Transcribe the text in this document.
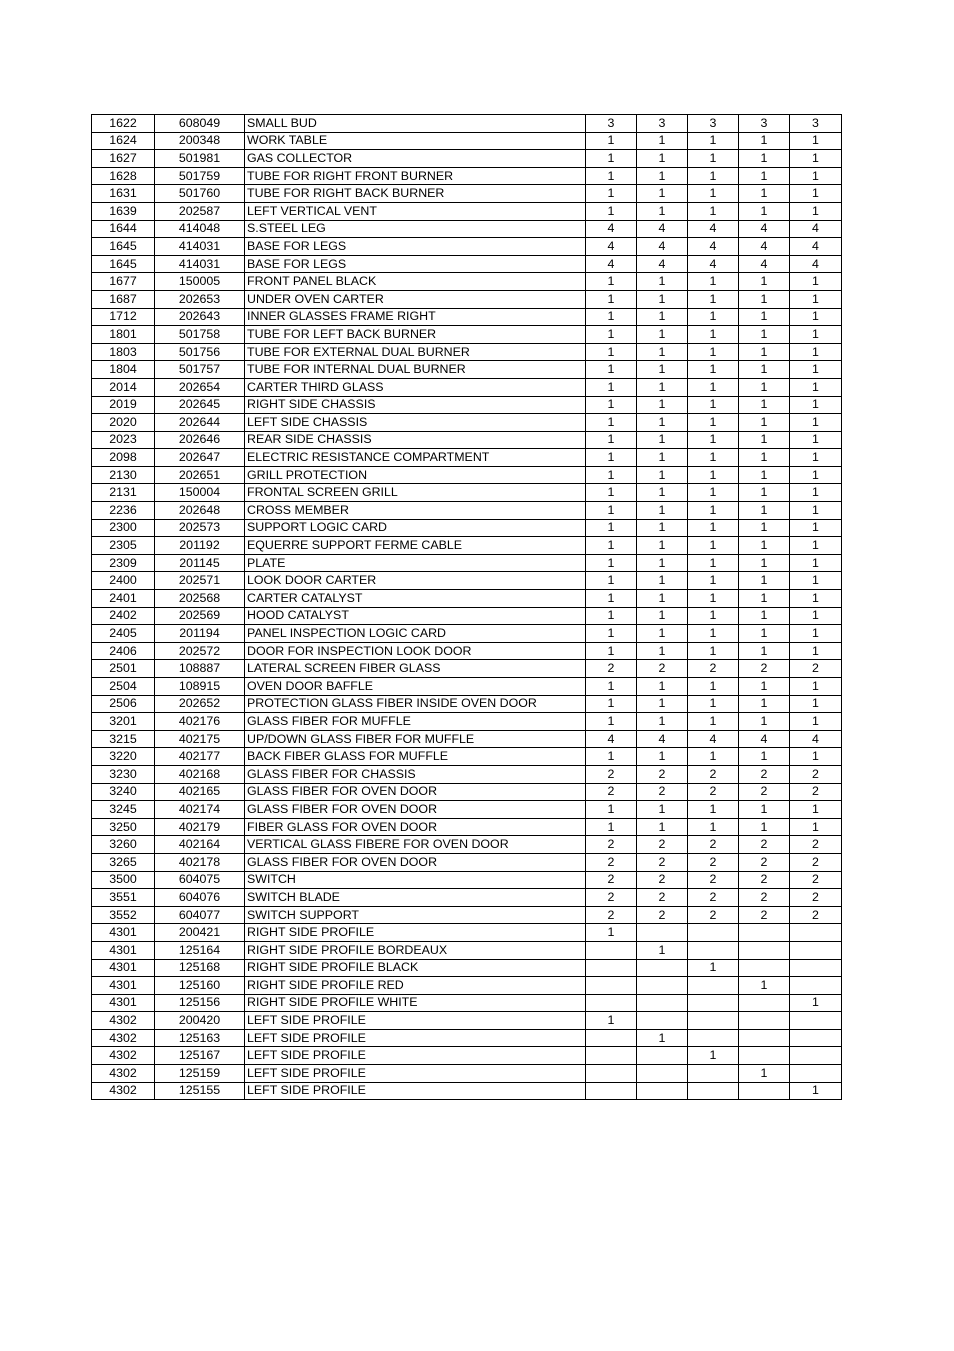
1622	608049	SMALL BUD	3	3	3	3	3
1624	200348	WORK TABLE	1	1	1	1	1
1627	501981	GAS COLLECTOR	1	1	1	1	1
1628	501759	TUBE FOR RIGHT FRONT BURNER	1	1	1	1	1
1631	501760	TUBE FOR RIGHT BACK BURNER	1	1	1	1	1
1639	202587	LEFT VERTICAL VENT	1	1	1	1	1
1644	414048	S.STEEL LEG	4	4	4	4	4
1645	414031	BASE FOR LEGS	4	4	4	4	4
1645	414031	BASE FOR LEGS	4	4	4	4	4
1677	150005	FRONT PANEL BLACK	1	1	1	1	1
1687	202653	UNDER OVEN CARTER	1	1	1	1	1
1712	202643	INNER GLASSES FRAME RIGHT	1	1	1	1	1
1801	501758	TUBE FOR LEFT BACK BURNER	1	1	1	1	1
1803	501756	TUBE FOR EXTERNAL DUAL BURNER	1	1	1	1	1
1804	501757	TUBE FOR INTERNAL DUAL BURNER	1	1	1	1	1
2014	202654	CARTER THIRD GLASS	1	1	1	1	1
2019	202645	RIGHT SIDE CHASSIS	1	1	1	1	1
2020	202644	LEFT SIDE CHASSIS	1	1	1	1	1
2023	202646	REAR SIDE CHASSIS	1	1	1	1	1
2098	202647	ELECTRIC RESISTANCE COMPARTMENT	1	1	1	1	1
2130	202651	GRILL PROTECTION	1	1	1	1	1
2131	150004	FRONTAL SCREEN GRILL	1	1	1	1	1
2236	202648	CROSS MEMBER	1	1	1	1	1
2300	202573	SUPPORT LOGIC CARD	1	1	1	1	1
2305	201192	EQUERRE SUPPORT FERME CABLE	1	1	1	1	1
2309	201145	PLATE	1	1	1	1	1
2400	202571	LOOK DOOR CARTER	1	1	1	1	1
2401	202568	CARTER CATALYST	1	1	1	1	1
2402	202569	HOOD CATALYST	1	1	1	1	1
2405	201194	PANEL INSPECTION LOGIC CARD	1	1	1	1	1
2406	202572	DOOR FOR INSPECTION LOOK DOOR	1	1	1	1	1
2501	108887	LATERAL SCREEN FIBER GLASS	2	2	2	2	2
2504	108915	OVEN DOOR BAFFLE	1	1	1	1	1
2506	202652	PROTECTION GLASS FIBER INSIDE OVEN DOOR	1	1	1	1	1
3201	402176	GLASS FIBER FOR MUFFLE	1	1	1	1	1
3215	402175	UP/DOWN GLASS FIBER FOR MUFFLE	4	4	4	4	4
3220	402177	BACK FIBER GLASS FOR MUFFLE	1	1	1	1	1
3230	402168	GLASS FIBER FOR CHASSIS	2	2	2	2	2
3240	402165	GLASS FIBER FOR OVEN DOOR	2	2	2	2	2
3245	402174	GLASS FIBER FOR OVEN DOOR	1	1	1	1	1
3250	402179	FIBER GLASS FOR OVEN DOOR	1	1	1	1	1
3260	402164	VERTICAL GLASS FIBERE FOR OVEN DOOR	2	2	2	2	2
3265	402178	GLASS FIBER FOR OVEN DOOR	2	2	2	2	2
3500	604075	SWITCH	2	2	2	2	2
3551	604076	SWITCH BLADE	2	2	2	2	2
3552	604077	SWITCH SUPPORT	2	2	2	2	2
4301	200421	RIGHT SIDE PROFILE	1				
4301	125164	RIGHT SIDE PROFILE BORDEAUX		1			
4301	125168	RIGHT SIDE PROFILE BLACK			1		
4301	125160	RIGHT SIDE PROFILE RED				1	
4301	125156	RIGHT SIDE PROFILE WHITE					1
4302	200420	LEFT SIDE PROFILE	1				
4302	125163	LEFT SIDE PROFILE		1			
4302	125167	LEFT SIDE PROFILE			1		
4302	125159	LEFT SIDE PROFILE				1	
4302	125155	LEFT SIDE PROFILE					1
